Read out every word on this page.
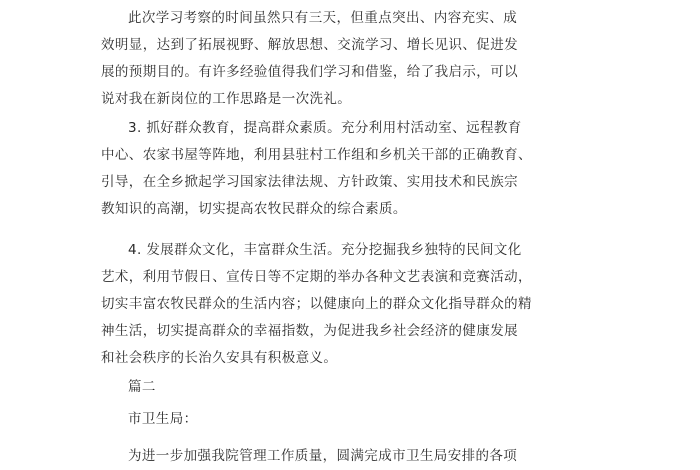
此次学习考察的时间虽然只有三天，但重点突出、内容充实、成
效明显，达到了拓展视野、解放思想、交流学习、增长见识、促进发
展的预期目的。有许多经验值得我们学习和借鉴，给了我启示，可以
说对我在新岗位的工作思路是一次洗礼。
3. 抓好群众教育，提高群众素质。充分利用村活动室、远程教育
中心、农家书屋等阵地，利用县驻村工作组和乡机关干部的正确教育、
引导，在全乡掀起学习国家法律法规、方针政策、实用技术和民族宗
教知识的高潮，切实提高农牧民群众的综合素质。
4. 发展群众文化，丰富群众生活。充分挖掘我乡独特的民间文化
艺术，利用节假日、宣传日等不定期的举办各种文艺表演和竞赛活动，
切实丰富农牧民群众的生活内容；以健康向上的群众文化指导群众的精
神生活，切实提高群众的幸福指数，为促进我乡社会经济的健康发展
和社会秩序的长治久安具有积极意义。

篇二

市卫生局：

为进一步加强我院管理工作质量，圆满完成市卫生局安排的各项
